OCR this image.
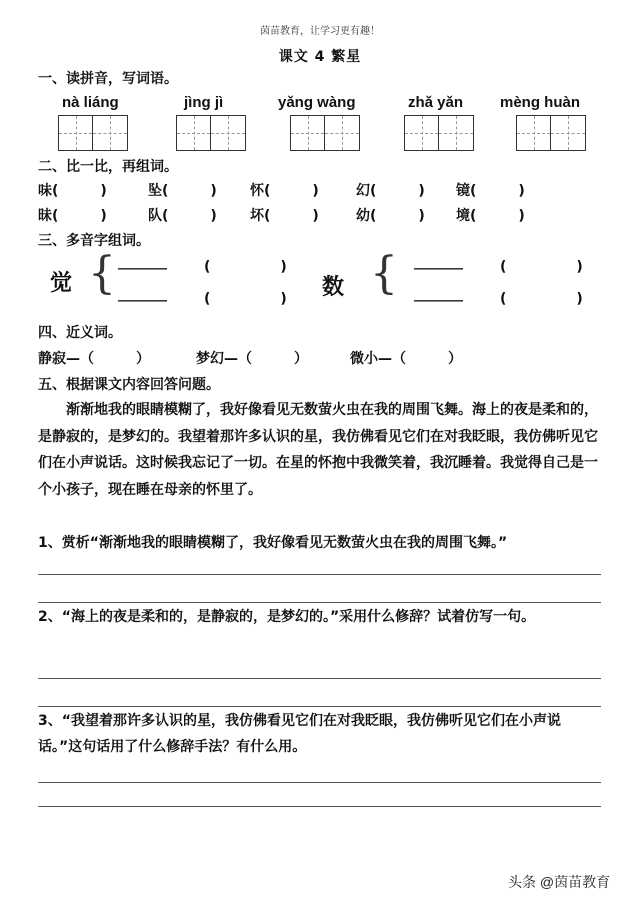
茵苗教育，让学习更有趣！
课文 4 繁星
一、读拼音，写词语。
nà liáng	jìng jì	yǎng wàng	zhǎ yǎn mèng huàn
二、比一比，再组词。
味(　　　)	坠(　　　) 怀(　　　)	幻(　　　) 镜(　　　)
昧(　　　)	队(　　　) 坏(　　　)	幼(　　　) 境(　　　)
三、多音字组词。
觉 { _______	(　　　　　)
_______	(　　　　　) 数 { _______	(　　　　　)
_______	(　　　　　)
四、近义词。
静寂—（　　　）	梦幻—（　　　）	微小—（　　　）
五、根据课文内容回答问题。
渐渐地我的眼睛模糊了，我好像看见无数萤火虫在我的周围飞舞。海上的夜是柔和的，是静寂的，是梦幻的。我望着那许多认识的星，我仿佛看见它们在对我眨眼，我仿佛听见它们在小声说话。这时候我忘记了一切。在星的怀抱中我微笑着，我沉睡着。我觉得自己是一个小孩子，现在睡在母亲的怀里了。
1、赏析“渐渐地我的眼睛模糊了，我好像看见无数萤火虫在我的周围飞舞。”
2、“海上的夜是柔和的，是静寂的，是梦幻的。”采用什么修辞？试着仿写一句。
3、“我望着那许多认识的星，我仿佛看见它们在对我眨眼，我仿佛听见它们在小声说话。”这句话用了什么修辞手法？有什么用。
头条 @茵苗教育
